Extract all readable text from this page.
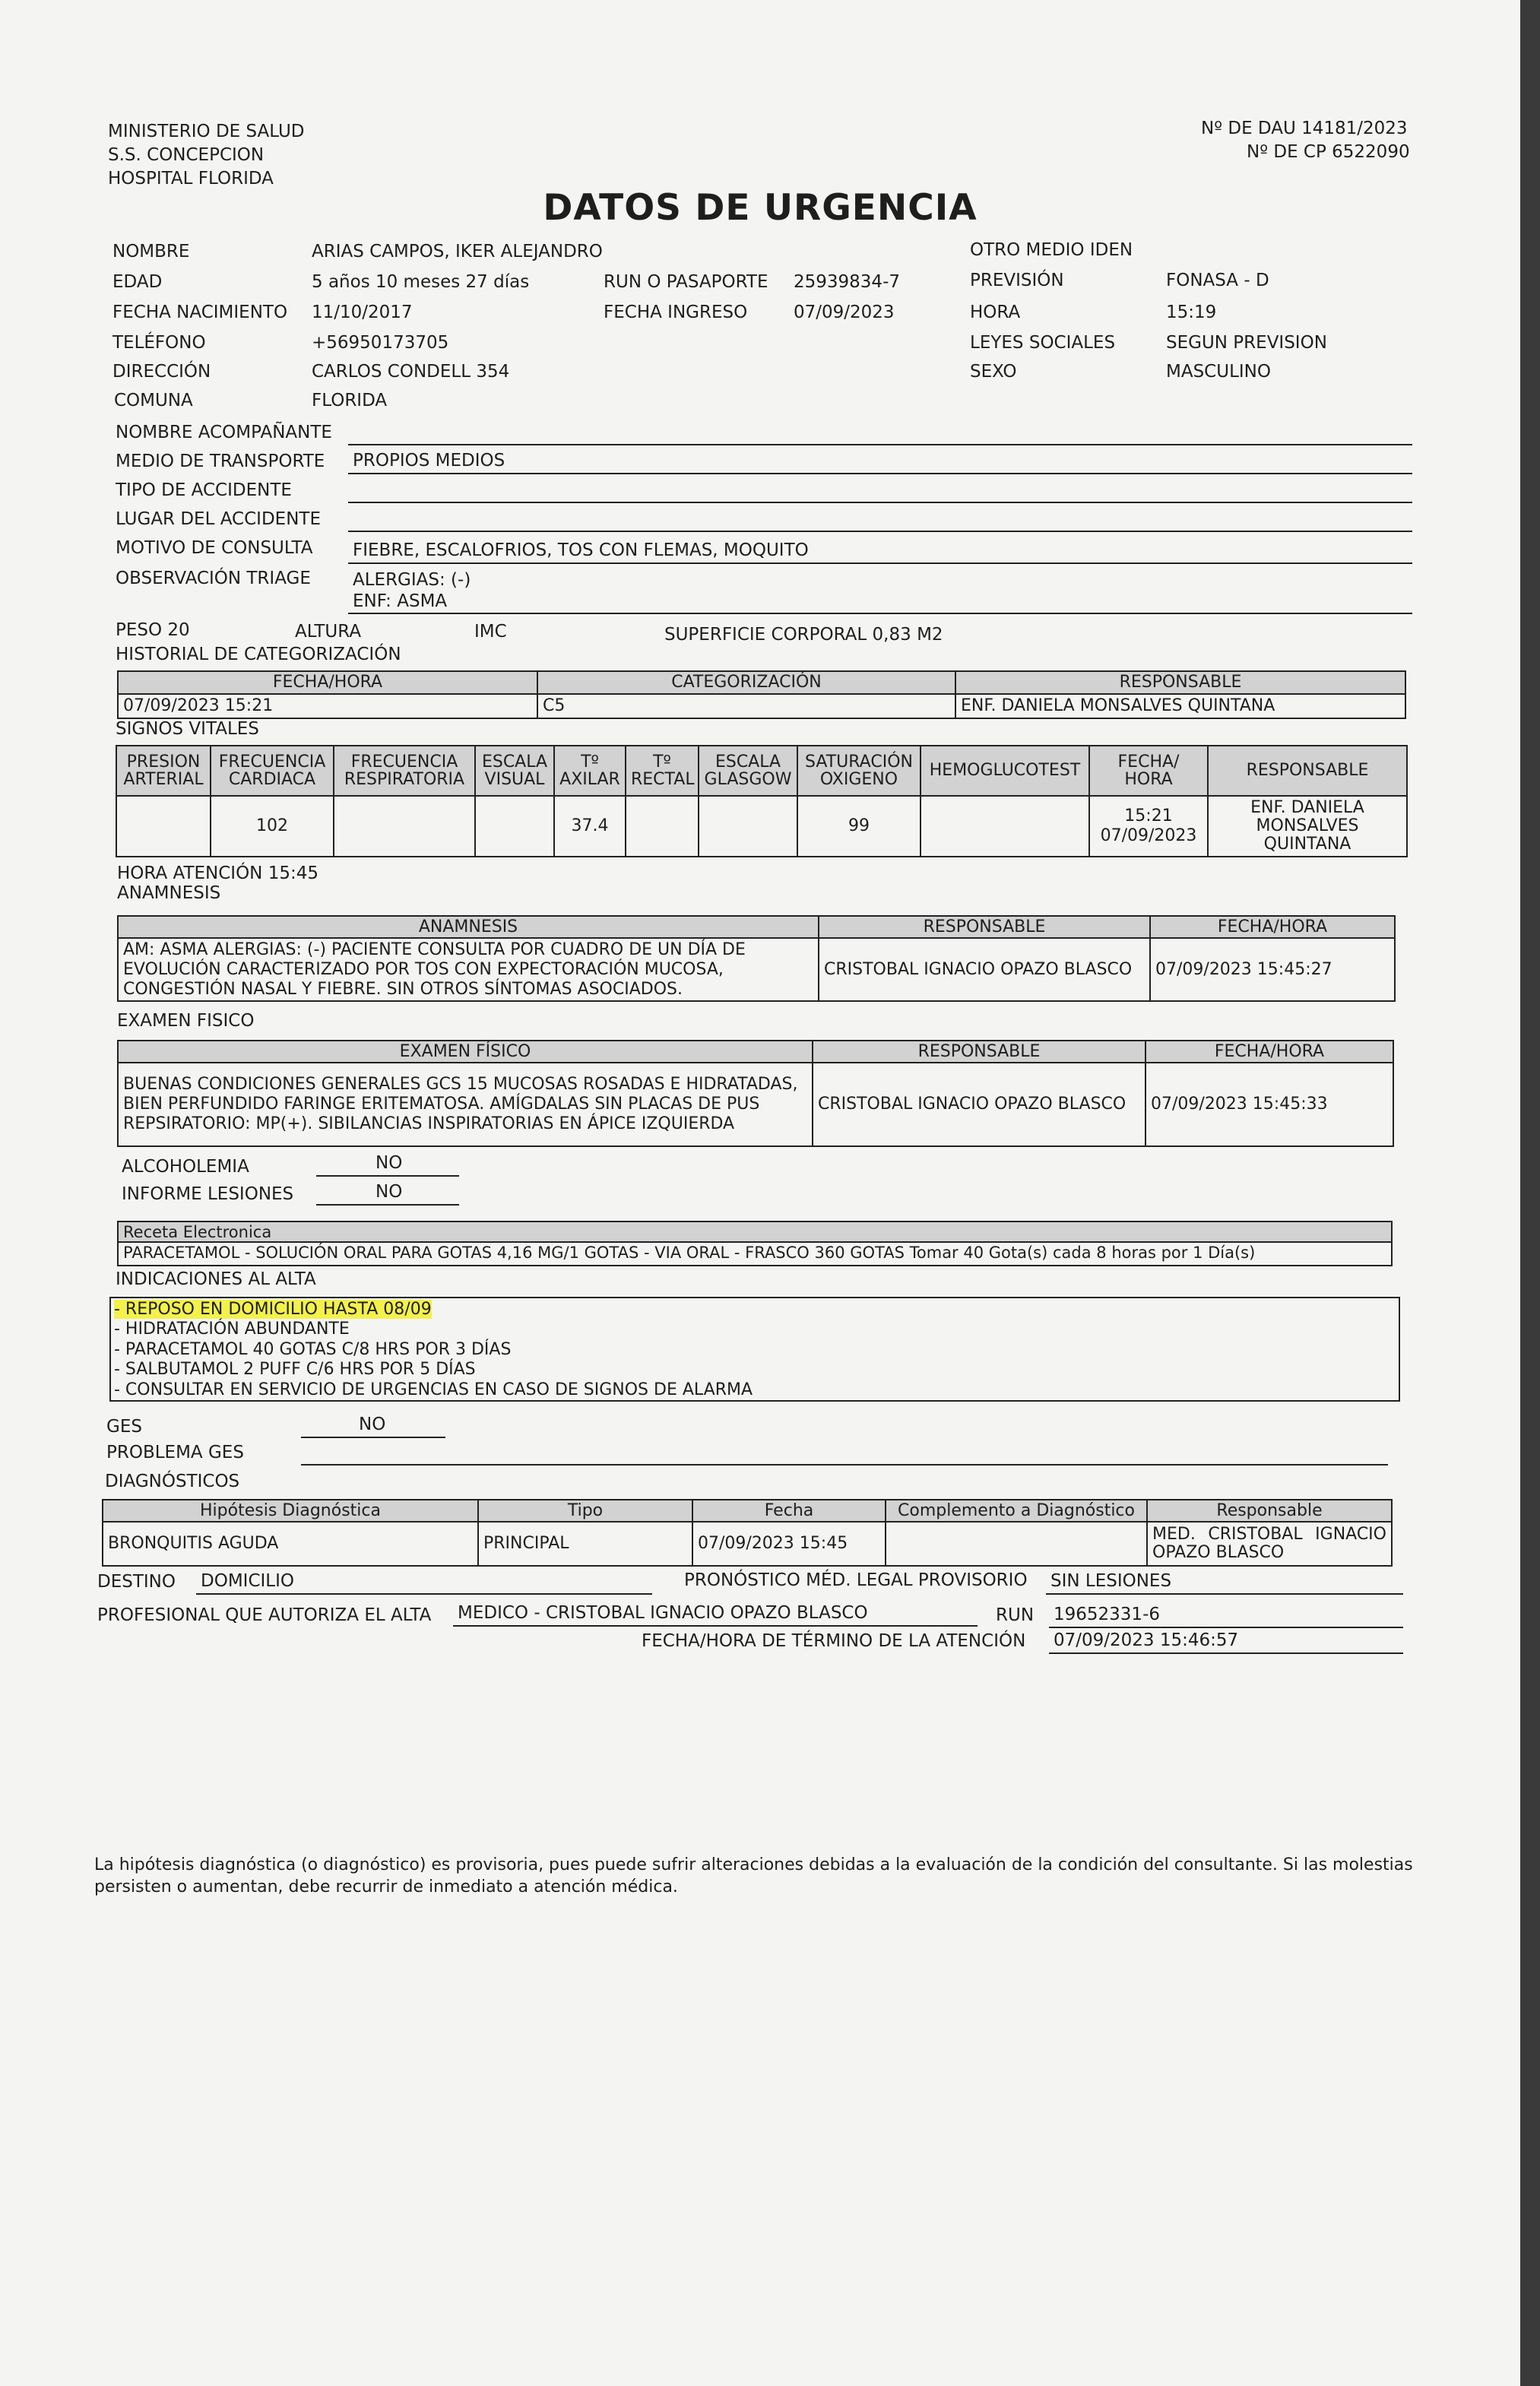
MINISTERIO DE SALUD
S.S. CONCEPCION
HOSPITAL FLORIDA
Nº DE DAU 14181/2023
Nº DE CP 6522090
DATOS DE URGENCIA
NOMBRE	ARIAS CAMPOS, IKER ALEJANDRO
EDAD	5 años 10 meses 27 días
FECHA NACIMIENTO 11/10/2017
TELÉFONO	+56950173705
DIRECCIÓN	CARLOS CONDELL 354
COMUNA	FLORIDA
RUN O PASAPORTE 25939834-7
FECHA INGRESO	07/09/2023
OTRO MEDIO IDEN
PREVISIÓN	FONASA - D
HORA	15:19
LEYES SOCIALES	SEGUN PREVISION
SEXO	MASCULINO
NOMBRE ACOMPAÑANTE
MEDIO DE TRANSPORTE PROPIOS MEDIOS
TIPO DE ACCIDENTE
LUGAR DEL ACCIDENTE
MOTIVO DE CONSULTA FIEBRE, ESCALOFRIOS, TOS CON FLEMAS, MOQUITO
OBSERVACIÓN TRIAGE ALERGIAS: (-)
ENF: ASMA
PESO 20	ALTURA	IMC	SUPERFICIE CORPORAL 0,83 M2
HISTORIAL DE CATEGORIZACIÓN
FECHA/HORA	CATEGORIZACIÓN	RESPONSABLE
07/09/2023 15:21	C5	ENF. DANIELA MONSALVES QUINTANA
SIGNOS VITALES
PRESION ARTERIAL	FRECUENCIA CARDIACA	FRECUENCIA RESPIRATORIA	ESCALA VISUAL	Tº AXILAR	Tº RECTAL	ESCALA GLASGOW	SATURACIÓN OXIGENO	HEMOGLUCOTEST	FECHA/ HORA	RESPONSABLE
	102			37.4			99		15:21 07/09/2023	ENF. DANIELA MONSALVES QUINTANA
HORA ATENCIÓN 15:45
ANAMNESIS
ANAMNESIS	RESPONSABLE	FECHA/HORA
AM: ASMA ALERGIAS: (-) PACIENTE CONSULTA POR CUADRO DE UN DÍA DE EVOLUCIÓN CARACTERIZADO POR TOS CON EXPECTORACIÓN MUCOSA, CONGESTIÓN NASAL Y FIEBRE. SIN OTROS SÍNTOMAS ASOCIADOS.	CRISTOBAL IGNACIO OPAZO BLASCO	07/09/2023 15:45:27
EXAMEN FISICO
EXAMEN FÍSICO	RESPONSABLE	FECHA/HORA
BUENAS CONDICIONES GENERALES GCS 15 MUCOSAS ROSADAS E HIDRATADAS, BIEN PERFUNDIDO FARINGE ERITEMATOSA. AMÍGDALAS SIN PLACAS DE PUS REPSIRATORIO: MP(+). SIBILANCIAS INSPIRATORIAS EN ÁPICE IZQUIERDA	CRISTOBAL IGNACIO OPAZO BLASCO	07/09/2023 15:45:33
ALCOHOLEMIA	NO
INFORME LESIONES	NO
Receta Electronica
PARACETAMOL - SOLUCIÓN ORAL PARA GOTAS 4,16 MG/1 GOTAS - VIA ORAL - FRASCO 360 GOTAS Tomar 40 Gota(s) cada 8 horas por 1 Día(s)
INDICACIONES AL ALTA
- REPOSO EN DOMICILIO HASTA 08/09
- HIDRATACIÓN ABUNDANTE
- PARACETAMOL 40 GOTAS C/8 HRS POR 3 DÍAS
- SALBUTAMOL 2 PUFF C/6 HRS POR 5 DÍAS
- CONSULTAR EN SERVICIO DE URGENCIAS EN CASO DE SIGNOS DE ALARMA
GES	NO
PROBLEMA GES
DIAGNÓSTICOS
Hipótesis Diagnóstica	Tipo	Fecha	Complemento a Diagnóstico	Responsable
BRONQUITIS AGUDA	PRINCIPAL	07/09/2023 15:45		MED. CRISTOBAL IGNACIO OPAZO BLASCO
DESTINO DOMICILIO	PRONÓSTICO MÉD. LEGAL PROVISORIO SIN LESIONES
PROFESIONAL QUE AUTORIZA EL ALTA MEDICO - CRISTOBAL IGNACIO OPAZO BLASCO	RUN 19652331-6
FECHA/HORA DE TÉRMINO DE LA ATENCIÓN 07/09/2023 15:46:57
La hipótesis diagnóstica (o diagnóstico) es provisoria, pues puede sufrir alteraciones debidas a la evaluación de la condición del consultante. Si las molestias persisten o aumentan, debe recurrir de inmediato a atención médica.
